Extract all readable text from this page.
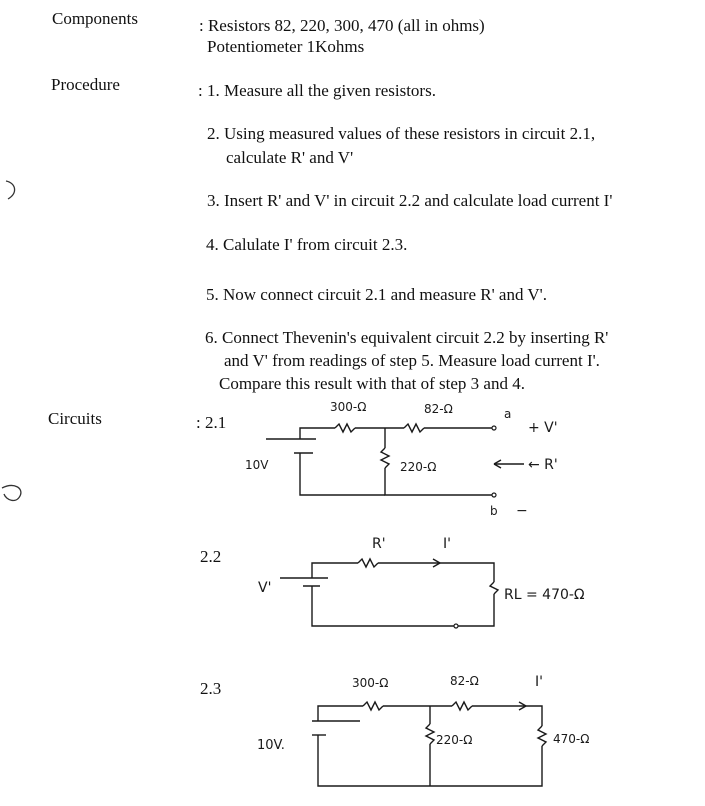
Components	: Resistors 82, 220, 300, 470 (all in ohms)
Potentiometer 1Kohms
Procedure	: 1. Measure all the given resistors.
2. Using measured values of these resistors in circuit 2.1,
calculate R' and V'
3. Insert R' and V' in circuit 2.2 and calculate load current I'
4. Calulate I' from circuit 2.3.
5. Now connect circuit 2.1 and measure R' and V'.
6. Connect Thevenin's equivalent circuit 2.2 by inserting R'
and V' from readings of step 5. Measure load current I'.
Compare this result with that of step 3 and 4.
Circuits	: 2.1
300-Ω	82-Ω
220-Ω
10V
a
b
+ V'
−
← R'
2.2
V'
R'	I'
RL = 470-Ω
2.3
10V.
300-Ω	82-Ω
220-Ω
I'
470-Ω
